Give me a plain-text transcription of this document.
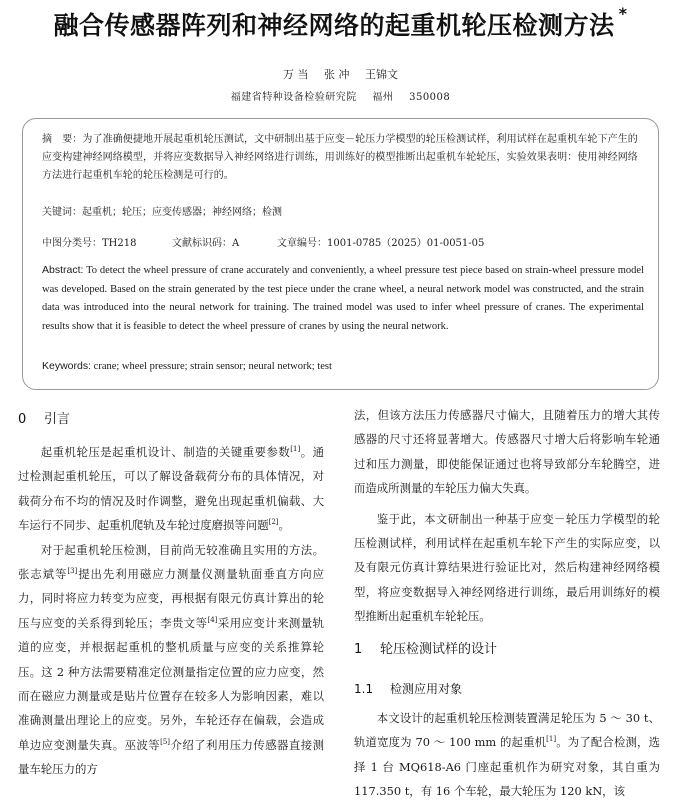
融合传感器阵列和神经网络的起重机轮压检测方法 *
万 当 张 冲 王锦文
福建省特种设备检验研究院 福州 350008
摘　要：为了准确便捷地开展起重机轮压测试，文中研制出基于应变－轮压力学模型的轮压检测试样，利用试样在起重机车轮下产生的应变构建神经网络模型，并将应变数据导入神经网络进行训练，用训练好的模型推断出起重机车轮轮压，实验效果表明：使用神经网络方法进行起重机车轮的轮压检测是可行的。
关键词：起重机；轮压；应变传感器；神经网络；检测
中图分类号：TH218	文献标识码：A	文章编号：1001-0785（2025）01-0051-05
Abstract: To detect the wheel pressure of crane accurately and conveniently, a wheel pressure test piece based on strain-wheel pressure model was developed. Based on the strain generated by the test piece under the crane wheel, a neural network model was constructed, and the strain data was introduced into the neural network for training. The trained model was used to infer wheel pressure of cranes. The experimental results show that it is feasible to detect the wheel pressure of cranes by using the neural network.
Keywords: crane; wheel pressure; strain sensor; neural network; test
0 引言

起重机轮压是起重机设计、制造的关键重要参数[1]。通过检测起重机轮压，可以了解设备载荷分布的具体情况，对载荷分布不均的情况及时作调整，避免出现起重机偏载、大车运行不同步、起重机爬轨及车轮过度磨损等问题[2]。

对于起重机轮压检测，目前尚无较准确且实用的方法。张志斌等[3]提出先利用磁应力测量仪测量轨面垂直方向应力，同时将应力转变为应变，再根据有限元仿真计算出的轮压与应变的关系得到轮压；李贵文等[4]采用应变计来测量轨道的应变，并根据起重机的整机质量与应变的关系推算轮压。这 2 种方法需要精准定位测量指定位置的应力应变，然而在磁应力测量或是贴片位置存在较多人为影响因素，难以准确测量出理论上的应变。另外，车轮还存在偏载，会造成单边应变测量失真。巫波等[5]介绍了利用压力传感器直接测量车轮压力的方

法，但该方法压力传感器尺寸偏大，且随着压力的增大其传感器的尺寸还将显著增大。传感器尺寸增大后将影响车轮通过和压力测量，即使能保证通过也将导致部分车轮腾空，进而造成所测量的车轮压力偏大失真。

鉴于此，本文研制出一种基于应变－轮压力学模型的轮压检测试样，利用试样在起重机车轮下产生的实际应变，以及有限元仿真计算结果进行验证比对，然后构建神经网络模型，将应变数据导入神经网络进行训练，最后用训练好的模型推断出起重机车轮轮压。

1 轮压检测试样的设计
1.1 检测应用对象

本文设计的起重机轮压检测装置满足轮压为 5 ～ 30 t、轨道宽度为 70 ～ 100 mm 的起重机[1]。为了配合检测，选择 1 台 MQ618-A6 门座起重机作为研究对象，其自重为 117.350 t，有 16 个车轮，最大轮压为 120 kN，该
